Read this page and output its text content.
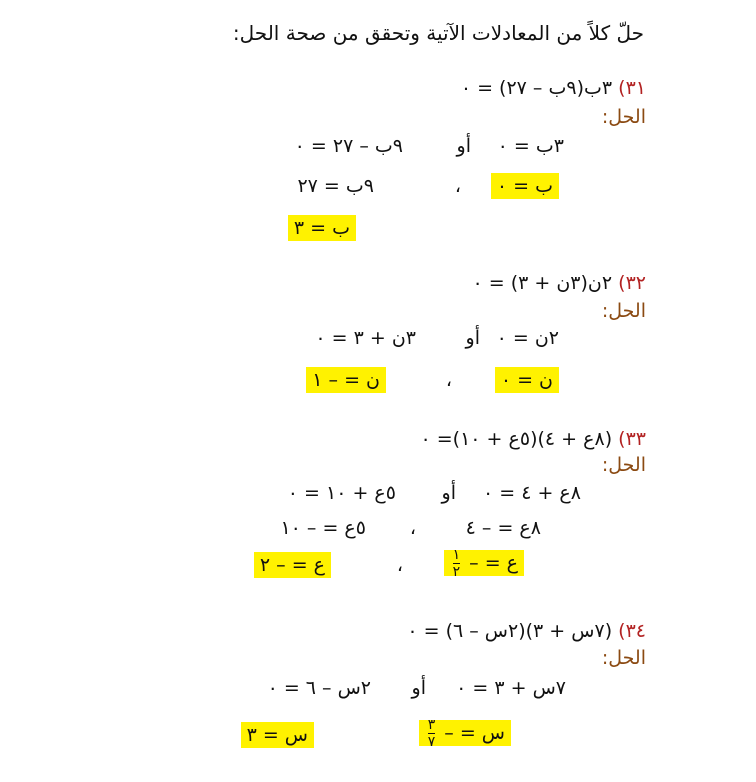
حلّ كلاً من المعادلات الآتية وتحقق من صحة الحل:
٣١) ٣ب(٩ب – ٢٧) = ٠
الحل:
٣ب = ٠
أو
٩ب – ٢٧ = ٠
ب = ٠
،
٩ب = ٢٧
ب = ٣
٣٢) ٢ن(٣ن + ٣) = ٠
الحل:
٢ن = ٠
أو
٣ن + ٣ = ٠
ن = ٠
،
ن = – ١
٣٣) (٨ع + ٤)(٥ع + ١٠)= ٠
الحل:
٨ع + ٤ = ٠
أو
٥ع + ١٠ = ٠
٨ع = – ٤
،
٥ع = – ١٠
ع = –
$\frac{١}{٢}$
،
ع = – ٢
٣٤) (٧س + ٣)(٢س – ٦) = ٠
الحل:
٧س + ٣ = ٠
أو
٢س – ٦ = ٠
س = –
$\frac{٣}{٧}$
س = ٣
